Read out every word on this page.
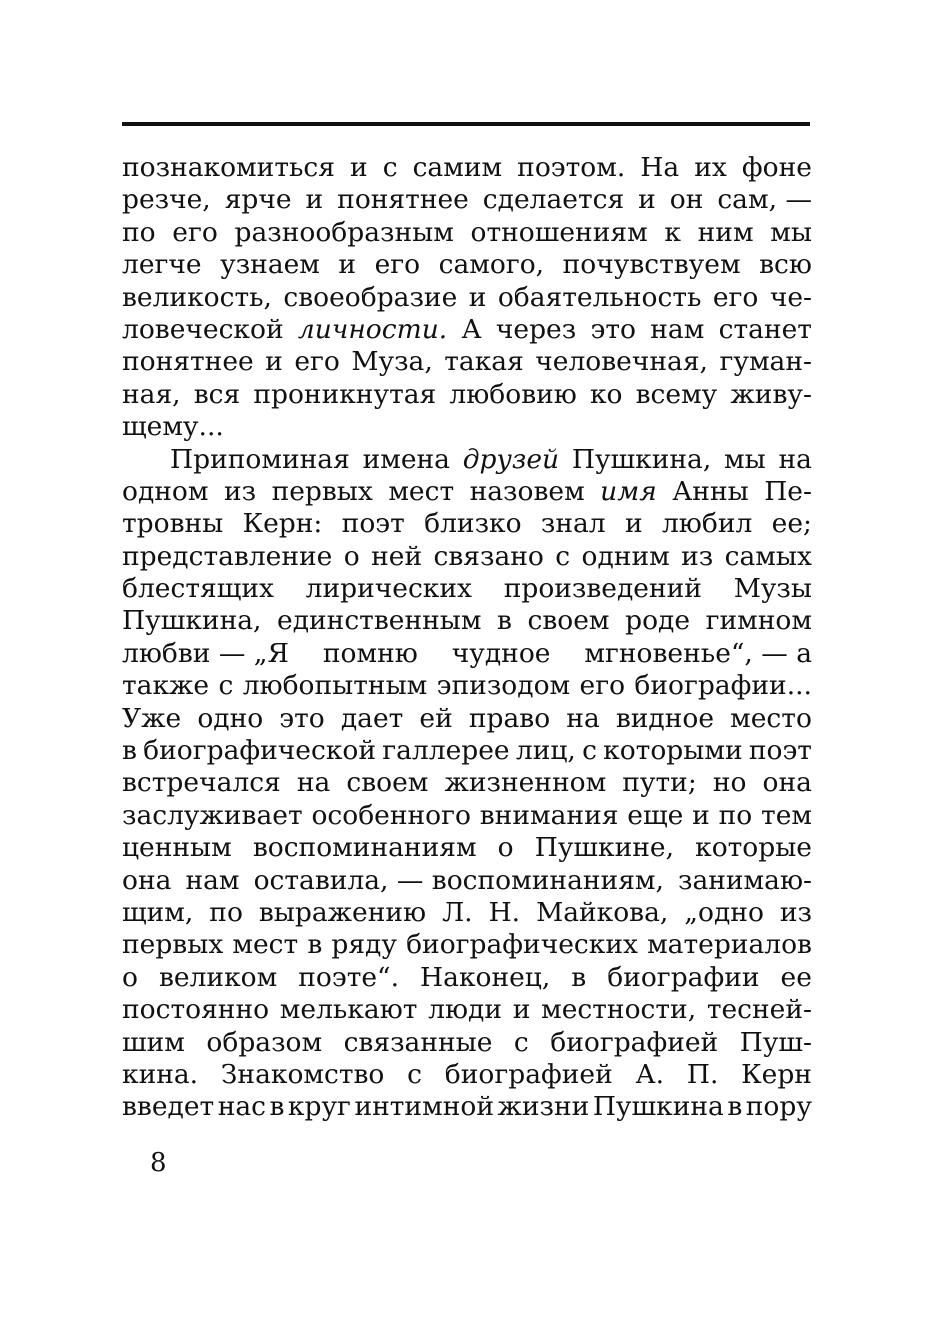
познакомиться и с самим поэтом. На их фоне
резче, ярче и понятнее сделается и он сам, —
по его разнообразным отношениям к ним мы
легче узнаем и его самого, почувствуем всю
великость, своеобразие и обаятельность его че-
ловеческой личности. А через это нам станет
понятнее и его Муза, такая человечная, гуман-
ная, вся проникнутая любовию ко всему живу-
щему...
Припоминая имена друзей Пушкина, мы на
одном из первых мест назовем имя Анны Пе-
тровны Керн: поэт близко знал и любил ее;
представление о ней связано с одним из самых
блестящих лирических произведений Музы
Пушкина, единственным в своем роде гимном
любви — „Я помню чудное мгновенье“, — а
также с любопытным эпизодом его биографии...
Уже одно это дает ей право на видное место
в биографической галлерее лиц, с которыми поэт
встречался на своем жизненном пути; но она
заслуживает особенного внимания еще и по тем
ценным воспоминаниям о Пушкине, которые
она нам оставила, — воспоминаниям, занимаю-
щим, по выражению Л. Н. Майкова, „одно из
первых мест в ряду биографических материалов
о великом поэте“. Наконец, в биографии ее
постоянно мелькают люди и местности, тесней-
шим образом связанные с биографией Пуш-
кина. Знакомство с биографией А. П. Керн
введет нас в круг интимной жизни Пушкина в пору
8
